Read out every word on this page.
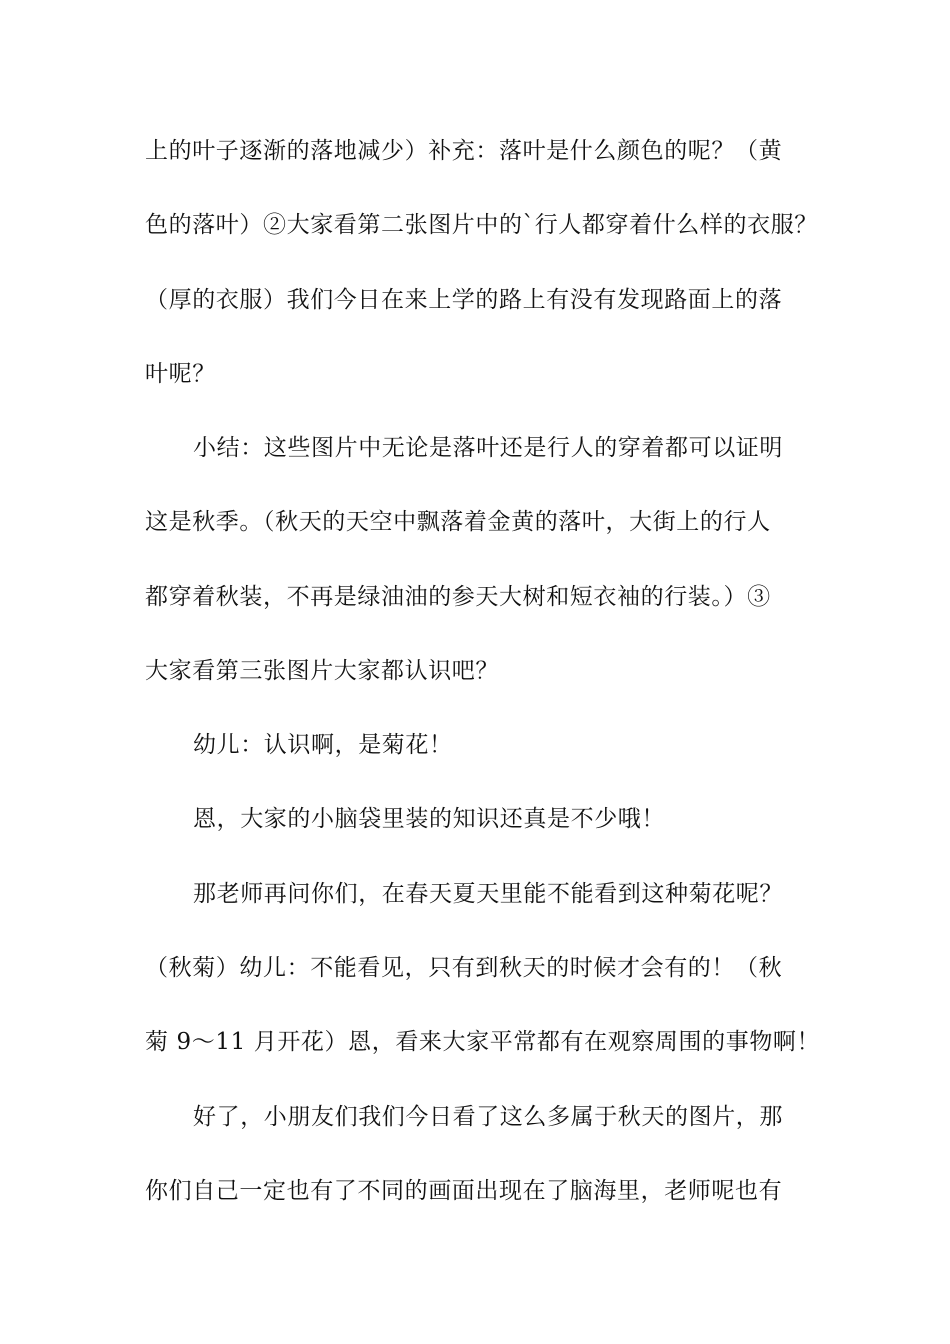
上的叶子逐渐的落地减少）补充：落叶是什么颜色的呢？（黄
色的落叶）②大家看第二张图片中的`行人都穿着什么样的衣服？
（厚的衣服）我们今日在来上学的路上有没有发现路面上的落
叶呢？
小结：这些图片中无论是落叶还是行人的穿着都可以证明
这是秋季。（秋天的天空中飘落着金黄的落叶，大街上的行人
都穿着秋装，不再是绿油油的参天大树和短衣袖的行装。）③
大家看第三张图片大家都认识吧？
幼儿：认识啊，是菊花！
恩，大家的小脑袋里装的知识还真是不少哦！
那老师再问你们，在春天夏天里能不能看到这种菊花呢？
（秋菊）幼儿：不能看见，只有到秋天的时候才会有的！（秋
菊 9～11 月开花）恩，看来大家平常都有在观察周围的事物啊！
好了，小朋友们我们今日看了这么多属于秋天的图片，那
你们自己一定也有了不同的画面出现在了脑海里，老师呢也有
